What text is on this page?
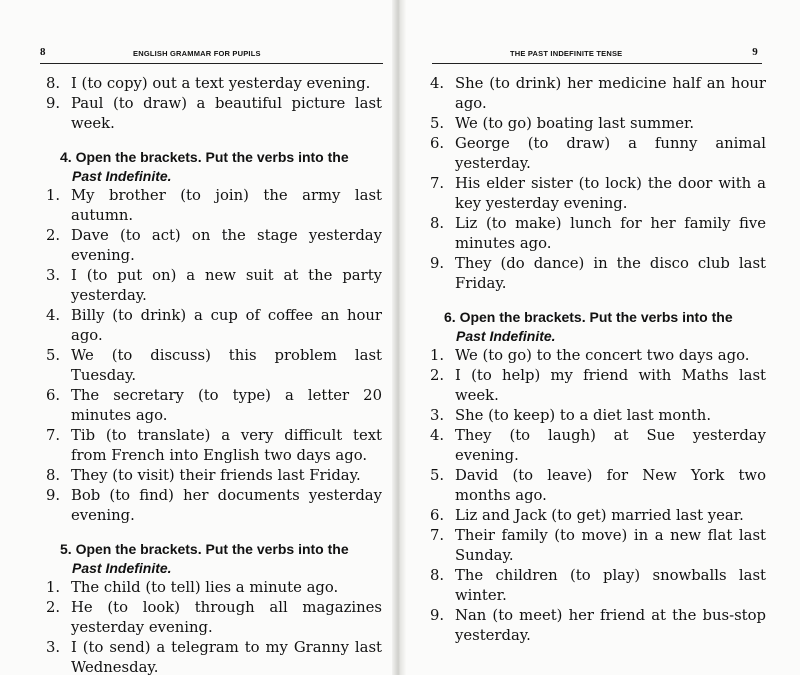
8	ENGLISH GRAMMAR FOR PUPILS
8. I (to copy) out a text yesterday evening.
9. Paul (to draw) a beautiful picture last week.
4. Open the brackets. Put the verbs into the
Past Indefinite.
1. My brother (to join) the army last autumn.
2. Dave (to act) on the stage yesterday evening.
3. I (to put on) a new suit at the party yesterday.
4. Billy (to drink) a cup of coffee an hour ago.
5. We (to discuss) this problem last Tuesday.
6. The secretary (to type) a letter 20 minutes ago.
7. Tib (to translate) a very difficult text from French into English two days ago.
8. They (to visit) their friends last Friday.
9. Bob (to find) her documents yesterday evening.
5. Open the brackets. Put the verbs into the
Past Indefinite.
1. The child (to tell) lies a minute ago.
2. He (to look) through all magazines yesterday evening.
3. I (to send) a telegram to my Granny last Wednesday.
THE PAST INDEFINITE TENSE	9
4. She (to drink) her medicine half an hour ago.
5. We (to go) boating last summer.
6. George (to draw) a funny animal yesterday.
7. His elder sister (to lock) the door with a key yesterday evening.
8. Liz (to make) lunch for her family five minutes ago.
9. They (do dance) in the disco club last Friday.
6. Open the brackets. Put the verbs into the
Past Indefinite.
1. We (to go) to the concert two days ago.
2. I (to help) my friend with Maths last week.
3. She (to keep) to a diet last month.
4. They (to laugh) at Sue yesterday evening.
5. David (to leave) for New York two months ago.
6. Liz and Jack (to get) married last year.
7. Their family (to move) in a new flat last Sunday.
8. The children (to play) snowballs last winter.
9. Nan (to meet) her friend at the bus-stop yesterday.
